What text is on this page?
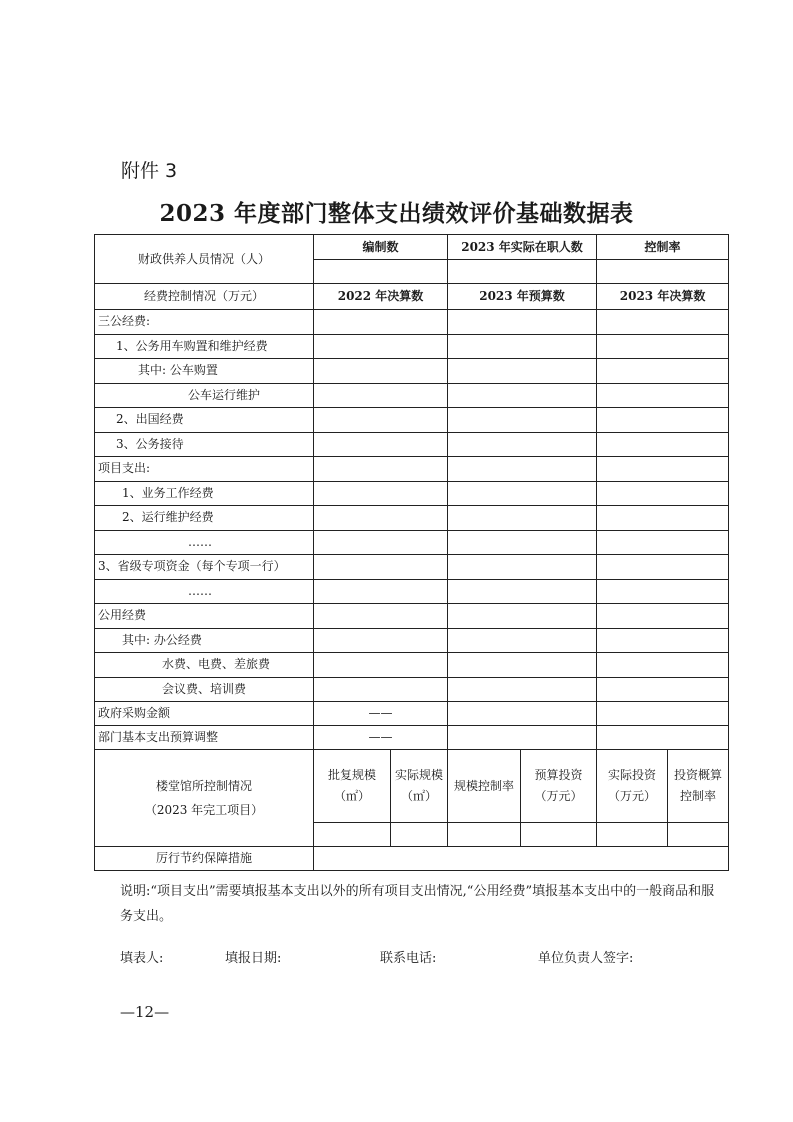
附件 3
2023 年度部门整体支出绩效评价基础数据表
财政供养人员情况（人）	编制数		2023 年实际在职人数		控制率	

经费控制情况（万元）	2022 年决算数		2023 年预算数		2023 年决算数	
三公经费:						
1、公务用车购置和维护经费						
其中: 公车购置						
公车运行维护						
2、出国经费						
3、公务接待						
项目支出:						
1、业务工作经费						
2、运行维护经费						
……						
3、省级专项资金（每个专项一行）						
……						
公用经费						
其中: 办公经费						
水费、电费、差旅费						
会议费、培训费						
政府采购金额	——					
部门基本支出预算调整	——					

楼堂馆所控制情况
（2023 年完工项目）	批复规模（㎡）	实际规模（㎡）	规模控制率	预算投资（万元）	实际投资（万元）	投资概算控制率

厉行节约保障措施						
说明:“项目支出”需要填报基本支出以外的所有项目支出情况,“公用经费”填报基本支出中的一般商品和服务支出。
填表人:	填报日期:	联系电话:	单位负责人签字:
—12—
